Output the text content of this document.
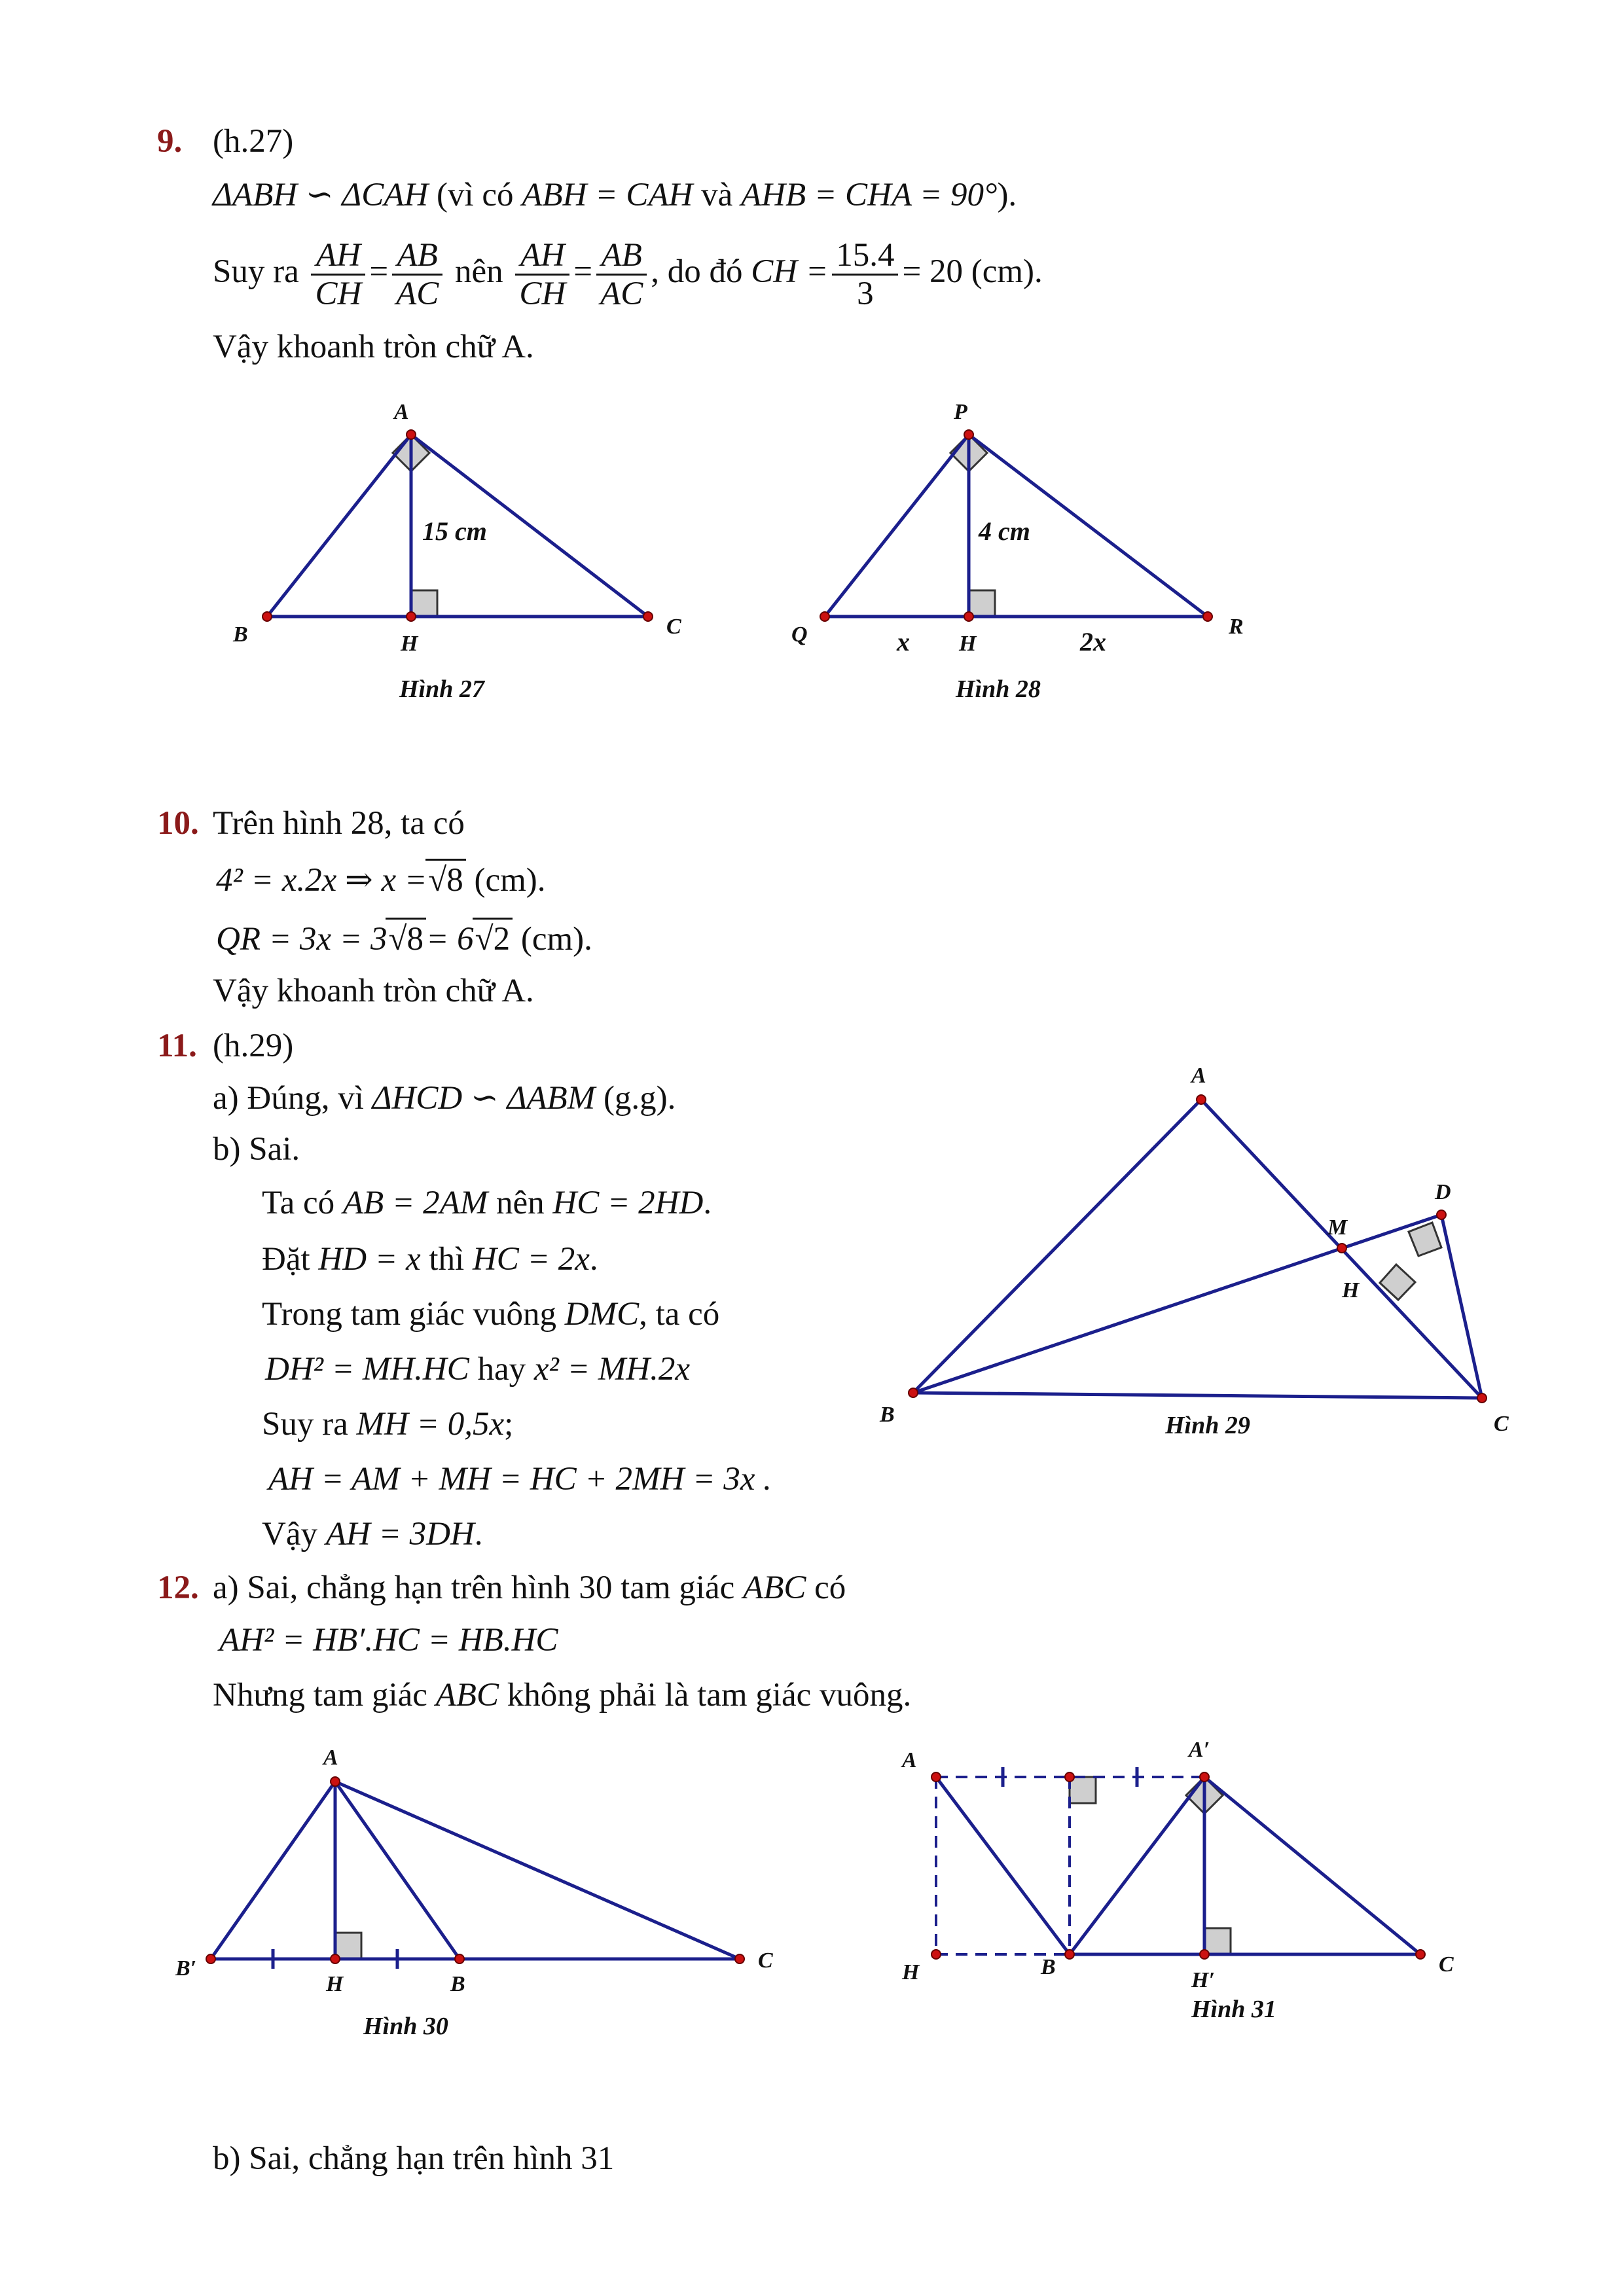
9. (h.27)
ΔABH ∽ ΔCAH (vì có ABH = CAH và AHB = CHA = 90°).
Suy ra $\frac{AH}{CH} = \frac{AB}{AC}$ nên $\frac{AH}{CH} = \frac{AB}{AC}$ , do đó CH = $\frac{15.4}{3} = 20$ (cm).
Vậy khoanh tròn chữ A.
A
B	C
H
15 cm
Hình 27
P
Q	R
H
4 cm
x	2x
Hình 28
10. Trên hình 28, ta có
4² = x.2x ⇒ x =√8 (cm).
QR = 3x = 3√8= 6√2 (cm).
Vậy khoanh tròn chữ A.
11. (h.29)
a) Đúng, vì ΔHCD ∽ ΔABM (g.g).
b) Sai.
Ta có AB = 2AM nên HC = 2HD.
Đặt HD = x thì HC = 2x.
Trong tam giác vuông DMC, ta có
DH² = MH.HC hay x² = MH.2x
Suy ra MH = 0,5x;
AH = AM + MH = HC + 2MH = 3x .
Vậy AH = 3DH.
A
B	C
D
M
H
Hình 29
12. a) Sai, chẳng hạn trên hình 30 tam giác ABC có
AH² = HB′.HC = HB.HC
Nhưng tam giác ABC không phải là tam giác vuông.
A
B′
H	B
C
Hình 30
A	A′
H	B
H′
C
Hình 31
b) Sai, chẳng hạn trên hình 31
